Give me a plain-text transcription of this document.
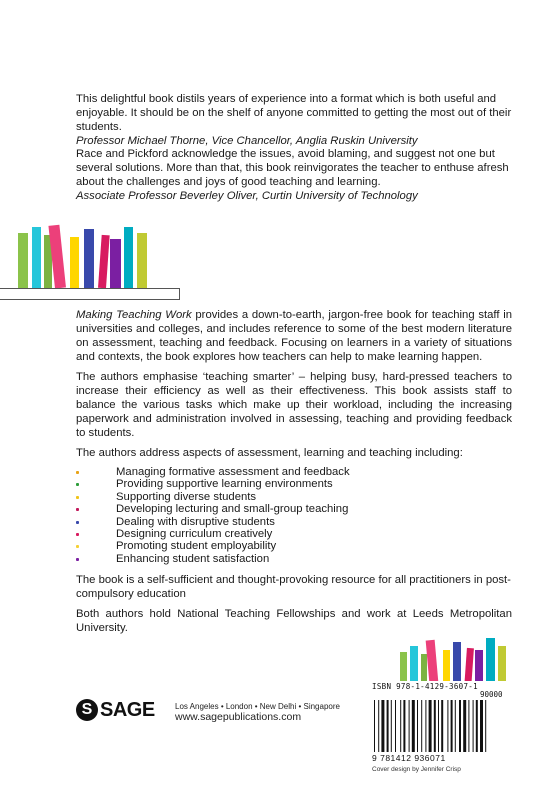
This delightful book distils years of experience into a format which is both useful and enjoyable. It should be on the shelf of anyone committed to getting the most out of their students.

Professor Michael Thorne, Vice Chancellor, Anglia Ruskin University

Race and Pickford acknowledge the issues, avoid blaming, and suggest not one but several solutions. More than that, this book reinvigorates the teacher to enthuse afresh about the challenges and joys of good teaching and learning.

Associate Professor Beverley Oliver, Curtin University of Technology

Making Teaching Work provides a down-to-earth, jargon-free book for teaching staff in universities and colleges, and includes reference to some of the best modern literature on assessment, teaching and feedback. Focusing on learners in a variety of situations and contexts, the book explores how teachers can help to make learning happen.

The authors emphasise ‘teaching smarter’ – helping busy, hard-pressed teachers to increase their efficiency as well as their effectiveness. This book assists staff to balance the various tasks which make up their workload, including the increasing paperwork and administration involved in assessing, teaching and providing feedback to students.

The authors address aspects of assessment, learning and teaching including:

Managing formative assessment and feedback
Providing supportive learning environments
Supporting diverse students
Developing lecturing and small-group teaching
Dealing with disruptive students
Designing curriculum creatively
Promoting student employability
Enhancing student satisfaction

The book is a self-sufficient and thought-provoking resource for all practitioners in post-compulsory education

Both authors hold National Teaching Fellowships and work at Leeds Metropolitan University.

S SAGE	Los Angeles • London • New Delhi • Singapore
www.sagepublications.com
ISBN 978-1-4129-3607-1
90000
9 781412 936071
Cover design by Jennifer Crisp
